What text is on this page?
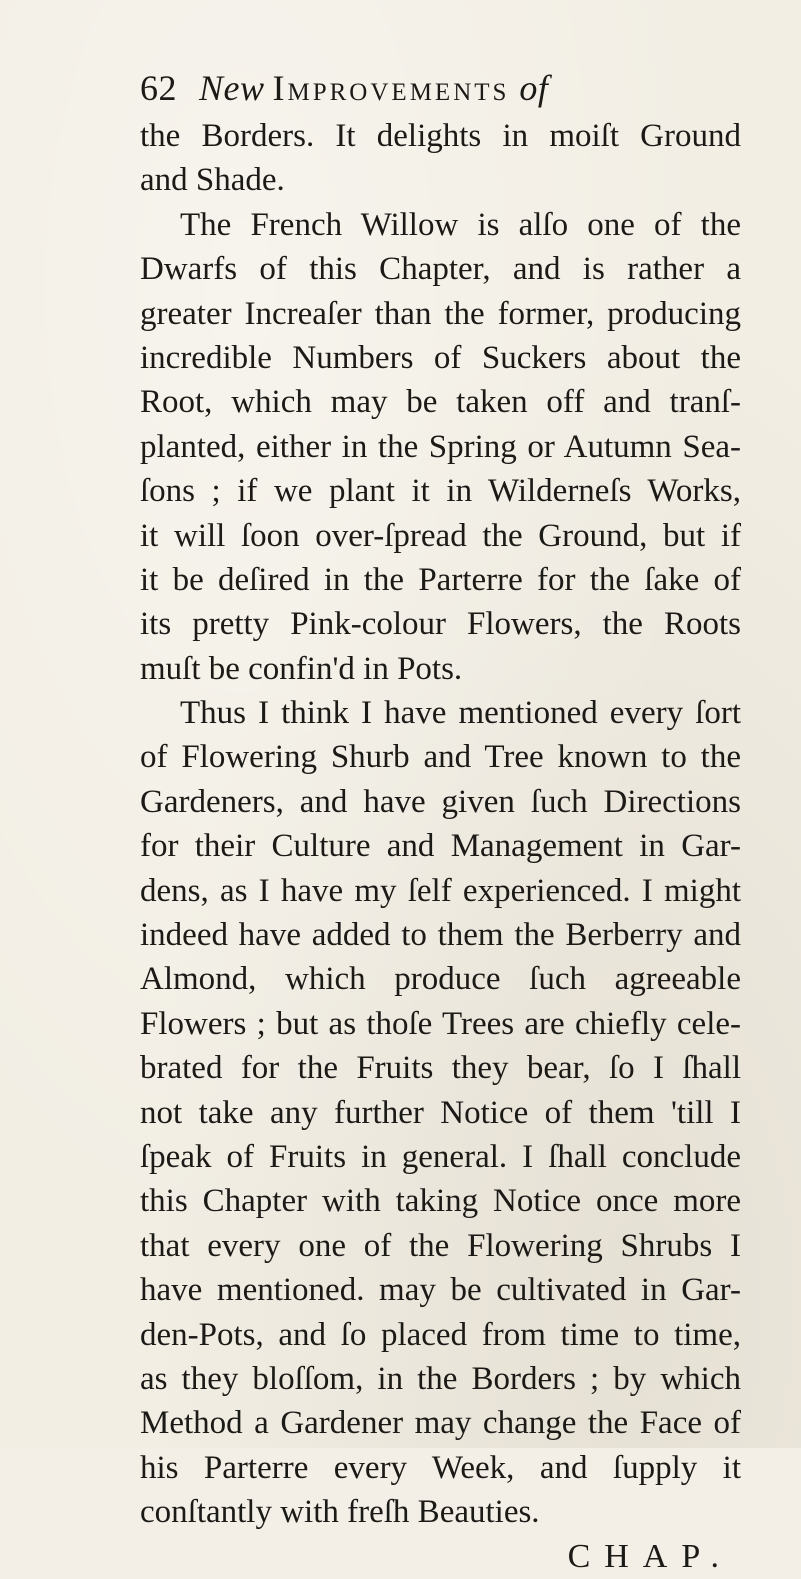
62 New Improvements of
the Borders. It delights in moiſt Ground
and Shade.
The French Willow is alſo one of the
Dwarfs of this Chapter, and is rather a
greater Increaſer than the former, producing
incredible Numbers of Suckers about the
Root, which may be taken off and tranſ-
planted, either in the Spring or Autumn Sea-
ſons ; if we plant it in Wilderneſs Works,
it will ſoon over-ſpread the Ground, but if
it be deſired in the Parterre for the ſake of
its pretty Pink-colour Flowers, the Roots
muſt be confin'd in Pots.
Thus I think I have mentioned every ſort
of Flowering Shurb and Tree known to the
Gardeners, and have given ſuch Directions
for their Culture and Management in Gar-
dens, as I have my ſelf experienced. I might
indeed have added to them the Berberry and
Almond, which produce ſuch agreeable
Flowers ; but as thoſe Trees are chiefly cele-
brated for the Fruits they bear, ſo I ſhall
not take any further Notice of them 'till I
ſpeak of Fruits in general. I ſhall conclude
this Chapter with taking Notice once more
that every one of the Flowering Shrubs I
have mentioned. may be cultivated in Gar-
den-Pots, and ſo placed from time to time,
as they bloſſom, in the Borders ; by which
Method a Gardener may change the Face of
his Parterre every Week, and ſupply it
conſtantly with freſh Beauties.
CHAP.
